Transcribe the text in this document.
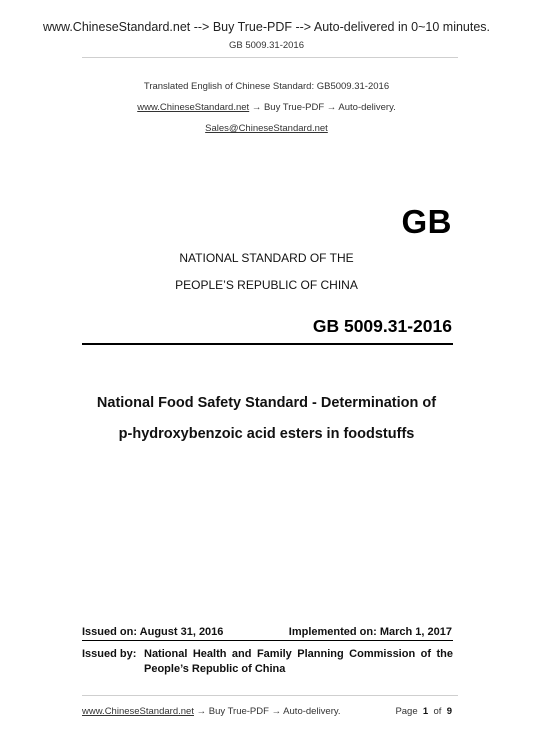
www.ChineseStandard.net --> Buy True-PDF --> Auto-delivered in 0~10 minutes.
GB 5009.31-2016
Translated English of Chinese Standard: GB5009.31-2016
www.ChineseStandard.net → Buy True-PDF → Auto-delivery.
Sales@ChineseStandard.net
GB
NATIONAL STANDARD OF THE
PEOPLE’S REPUBLIC OF CHINA
GB 5009.31-2016
National Food Safety Standard - Determination of
p-hydroxybenzoic acid esters in foodstuffs
Issued on: August 31, 2016	Implemented on: March 1, 2017
Issued by: National Health and Family Planning Commission of the
People’s Republic of China
www.ChineseStandard.net → Buy True-PDF → Auto-delivery.	Page 1 of 9
